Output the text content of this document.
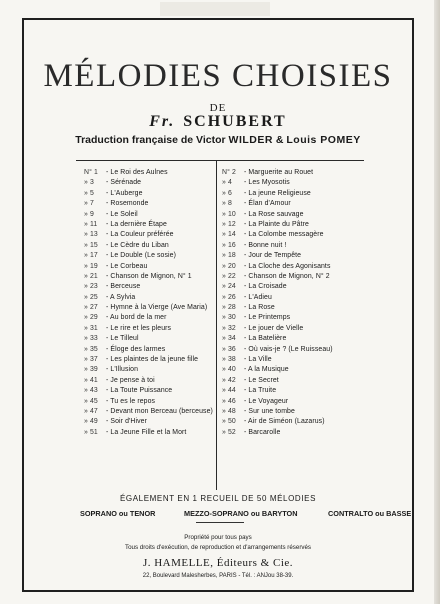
MÉLODIES CHOISIES
DE
Fr. SCHUBERT
Traduction française de Victor WILDER & Louis POMEY
N° 1 - Le Roi des Aulnes
» 3 - Sérénade
» 5 - L'Auberge
» 7 - Rosemonde
» 9 - Le Soleil
» 11 - La dernière Étape
» 13 - La Couleur préférée
» 15 - Le Cèdre du Liban
» 17 - Le Double (Le sosie)
» 19 - Le Corbeau
» 21 - Chanson de Mignon, N° 1
» 23 - Berceuse
» 25 - A Sylvia
» 27 - Hymne à la Vierge (Ave Maria)
» 29 - Au bord de la mer
» 31 - Le rire et les pleurs
» 33 - Le Tilleul
» 35 - Éloge des larmes
» 37 - Les plaintes de la jeune fille
» 39 - L'Illusion
» 41 - Je pense à toi
» 43 - La Toute Puissance
» 45 - Tu es le repos
» 47 - Devant mon Berceau (berceuse)
» 49 - Soir d'Hiver
» 51 - La Jeune Fille et la Mort
N° 2 - Marguerite au Rouet
» 4 - Les Myosotis
» 6 - La jeune Religieuse
» 8 - Élan d'Amour
» 10 - La Rose sauvage
» 12 - La Plainte du Pâtre
» 14 - La Colombe messagère
» 16 - Bonne nuit !
» 18 - Jour de Tempête
» 20 - La Cloche des Agonisants
» 22 - Chanson de Mignon, N° 2
» 24 - La Croisade
» 26 - L'Adieu
» 28 - La Rose
» 30 - Le Printemps
» 32 - Le jouer de Vielle
» 34 - La Batelière
» 36 - Où vais-je ? (Le Ruisseau)
» 38 - La Ville
» 40 - A la Musique
» 42 - Le Secret
» 44 - La Truite
» 46 - Le Voyageur
» 48 - Sur une tombe
» 50 - Air de Siméon (Lazarus)
» 52 - Barcarolle
ÉGALEMENT EN 1 RECUEIL DE 50 MÉLODIES
SOPRANO ou TENOR	MEZZO-SOPRANO ou BARYTON	CONTRALTO ou BASSE
Propriété pour tous pays
Tous droits d'exécution, de reproduction et d'arrangements réservés
J. HAMELLE, Éditeurs & Cie.
22, Boulevard Malesherbes, PARIS - Tél. : ANJou 38-39.
